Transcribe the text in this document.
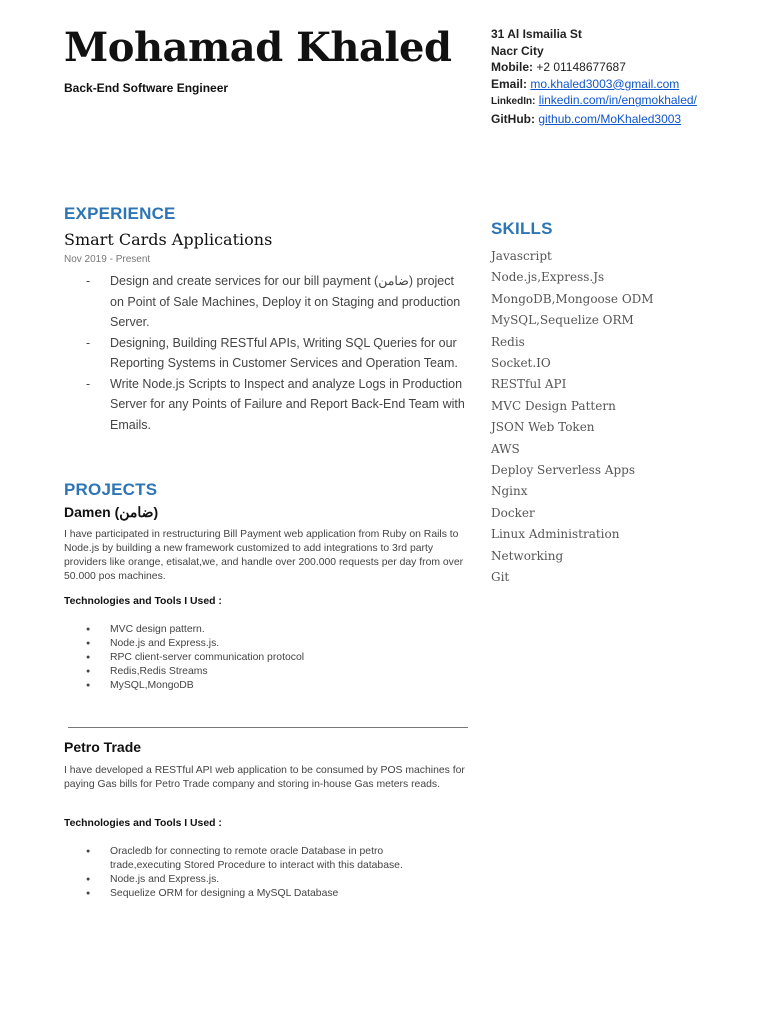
Mohamad Khaled
Back-End Software Engineer
31 Al Ismailia St
Nacr City
Mobile: +2 01148677687
Email: mo.khaled3003@gmail.com
LinkedIn: linkedin.com/in/engmokhaled/
GitHub: github.com/MoKhaled3003
EXPERIENCE
Smart Cards Applications
Nov 2019 - Present
- Design and create services for our bill payment (ضامن) project on Point of Sale Machines, Deploy it on Staging and production Server.
- Designing, Building RESTful APIs, Writing SQL Queries for our Reporting Systems in Customer Services and Operation Team.
- Write Node.js Scripts to Inspect and analyze Logs in Production Server for any Points of Failure and Report Back-End Team with Emails.
PROJECTS
Damen (ضامن)
I have participated in restructuring Bill Payment web application from Ruby on Rails to Node.js by building a new framework customized to add integrations to 3rd party providers like orange, etisalat,we, and handle over 200.000 requests per day from over 50.000 pos machines.
Technologies and Tools I Used :
● MVC design pattern.
● Node.js and Express.js.
● RPC client-server communication protocol
● Redis,Redis Streams
● MySQL,MongoDB
Petro Trade
I have developed a RESTful API web application to be consumed by POS machines for paying Gas bills for Petro Trade company and storing in-house Gas meters reads.
Technologies and Tools I Used :
● Oracledb for connecting to remote oracle Database in petro trade,executing Stored Procedure to interact with this database.
● Node.js and Express.js.
● Sequelize ORM for designing a MySQL Database
SKILLS
Javascript
Node.js,Express.Js
MongoDB,Mongoose ODM
MySQL,Sequelize ORM
Redis
Socket.IO
RESTful API
MVC Design Pattern
JSON Web Token
AWS
Deploy Serverless Apps
Nginx
Docker
Linux Administration
Networking
Git
